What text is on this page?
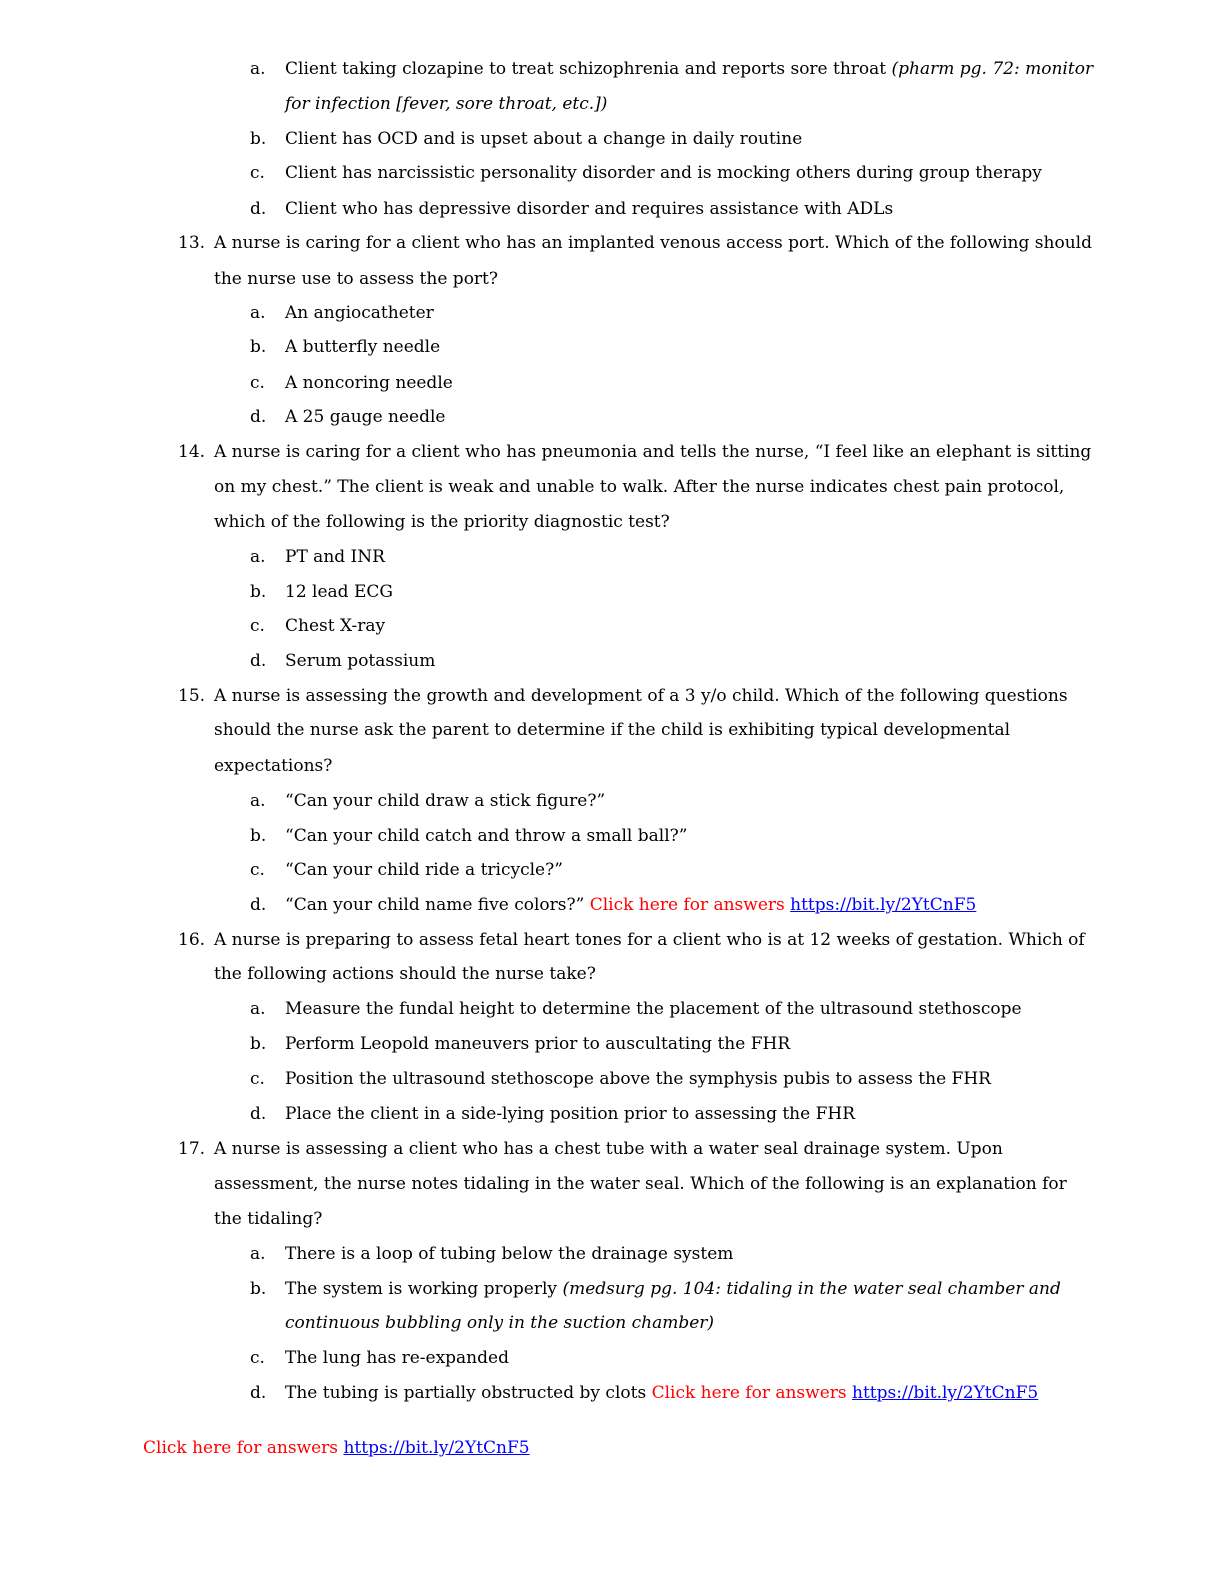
a. Client taking clozapine to treat schizophrenia and reports sore throat (pharm pg. 72: monitor
for infection [fever, sore throat, etc.])
b. Client has OCD and is upset about a change in daily routine
c. Client has narcissistic personality disorder and is mocking others during group therapy
d. Client who has depressive disorder and requires assistance with ADLs
13. A nurse is caring for a client who has an implanted venous access port. Which of the following should
the nurse use to assess the port?
a. An angiocatheter
b. A butterfly needle
c. A noncoring needle
d. A 25 gauge needle
14. A nurse is caring for a client who has pneumonia and tells the nurse, “I feel like an elephant is sitting
on my chest.” The client is weak and unable to walk. After the nurse indicates chest pain protocol,
which of the following is the priority diagnostic test?
a. PT and INR
b. 12 lead ECG
c. Chest X-ray
d. Serum potassium
15. A nurse is assessing the growth and development of a 3 y/o child. Which of the following questions
should the nurse ask the parent to determine if the child is exhibiting typical developmental
expectations?
a. “Can your child draw a stick figure?”
b. “Can your child catch and throw a small ball?”
c. “Can your child ride a tricycle?”
d. “Can your child name five colors?” Click here for answers https://bit.ly/2YtCnF5
16. A nurse is preparing to assess fetal heart tones for a client who is at 12 weeks of gestation. Which of
the following actions should the nurse take?
a. Measure the fundal height to determine the placement of the ultrasound stethoscope
b. Perform Leopold maneuvers prior to auscultating the FHR
c. Position the ultrasound stethoscope above the symphysis pubis to assess the FHR
d. Place the client in a side-lying position prior to assessing the FHR
17. A nurse is assessing a client who has a chest tube with a water seal drainage system. Upon
assessment, the nurse notes tidaling in the water seal. Which of the following is an explanation for
the tidaling?
a. There is a loop of tubing below the drainage system
b. The system is working properly (medsurg pg. 104: tidaling in the water seal chamber and
continuous bubbling only in the suction chamber)
c. The lung has re-expanded
d. The tubing is partially obstructed by clots Click here for answers https://bit.ly/2YtCnF5
Click here for answers https://bit.ly/2YtCnF5
